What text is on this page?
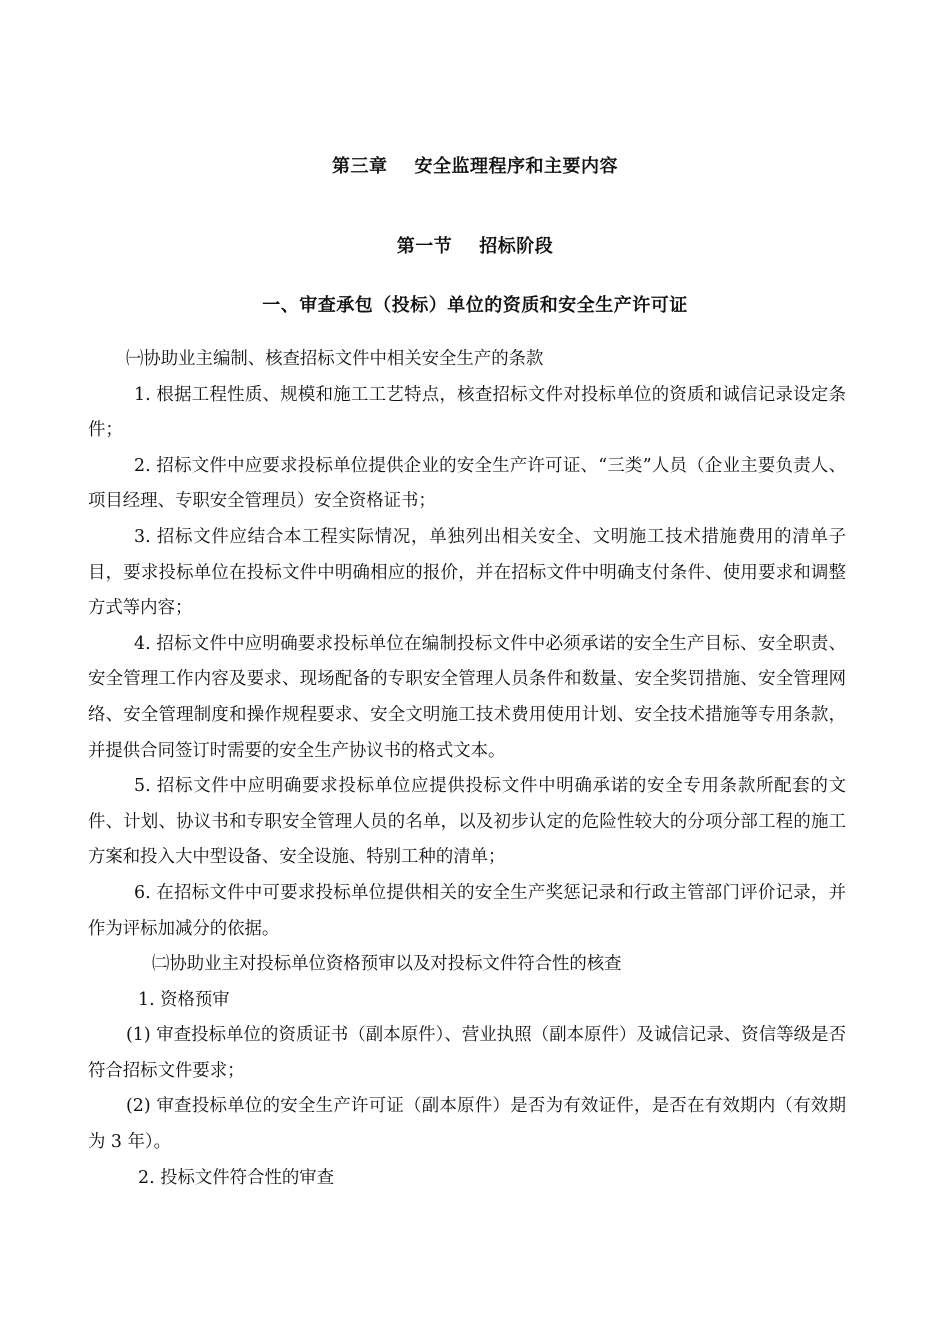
第三章    安全监理程序和主要内容
第一节    招标阶段
一、审查承包（投标）单位的资质和安全生产许可证

㈠协助业主编制、核查招标文件中相关安全生产的条款

1. 根据工程性质、规模和施工工艺特点，核查招标文件对投标单位的资质和诚信记录设定条件；

2. 招标文件中应要求投标单位提供企业的安全生产许可证、“三类”人员（企业主要负责人、项目经理、专职安全管理员）安全资格证书；

3. 招标文件应结合本工程实际情况，单独列出相关安全、文明施工技术措施费用的清单子目，要求投标单位在投标文件中明确相应的报价，并在招标文件中明确支付条件、使用要求和调整方式等内容；

4. 招标文件中应明确要求投标单位在编制投标文件中必须承诺的安全生产目标、安全职责、安全管理工作内容及要求、现场配备的专职安全管理人员条件和数量、安全奖罚措施、安全管理网络、安全管理制度和操作规程要求、安全文明施工技术费用使用计划、安全技术措施等专用条款，并提供合同签订时需要的安全生产协议书的格式文本。

5. 招标文件中应明确要求投标单位应提供投标文件中明确承诺的安全专用条款所配套的文件、计划、协议书和专职安全管理人员的名单，以及初步认定的危险性较大的分项分部工程的施工方案和投入大中型设备、安全设施、特别工种的清单；

6. 在招标文件中可要求投标单位提供相关的安全生产奖惩记录和行政主管部门评价记录，并作为评标加减分的依据。

㈡协助业主对投标单位资格预审以及对投标文件符合性的核查

1. 资格预审

(1) 审查投标单位的资质证书（副本原件）、营业执照（副本原件）及诚信记录、资信等级是否符合招标文件要求；

(2) 审查投标单位的安全生产许可证（副本原件）是否为有效证件，是否在有效期内（有效期为 3 年）。

2. 投标文件符合性的审查
